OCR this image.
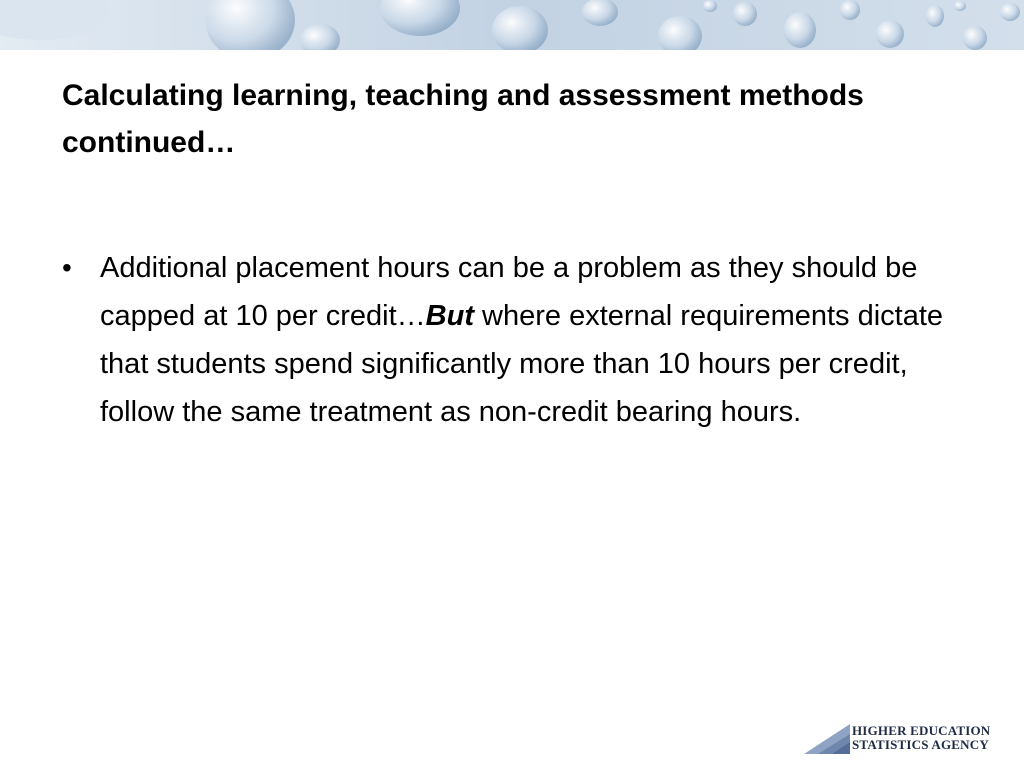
Calculating learning, teaching and assessment methods continued…
• Additional placement hours can be a problem as they should be capped at 10 per credit…But where external requirements dictate that students spend significantly more than 10 hours per credit, follow the same treatment as non-credit bearing hours.
HIGHER EDUCATION
STATISTICS AGENCY
